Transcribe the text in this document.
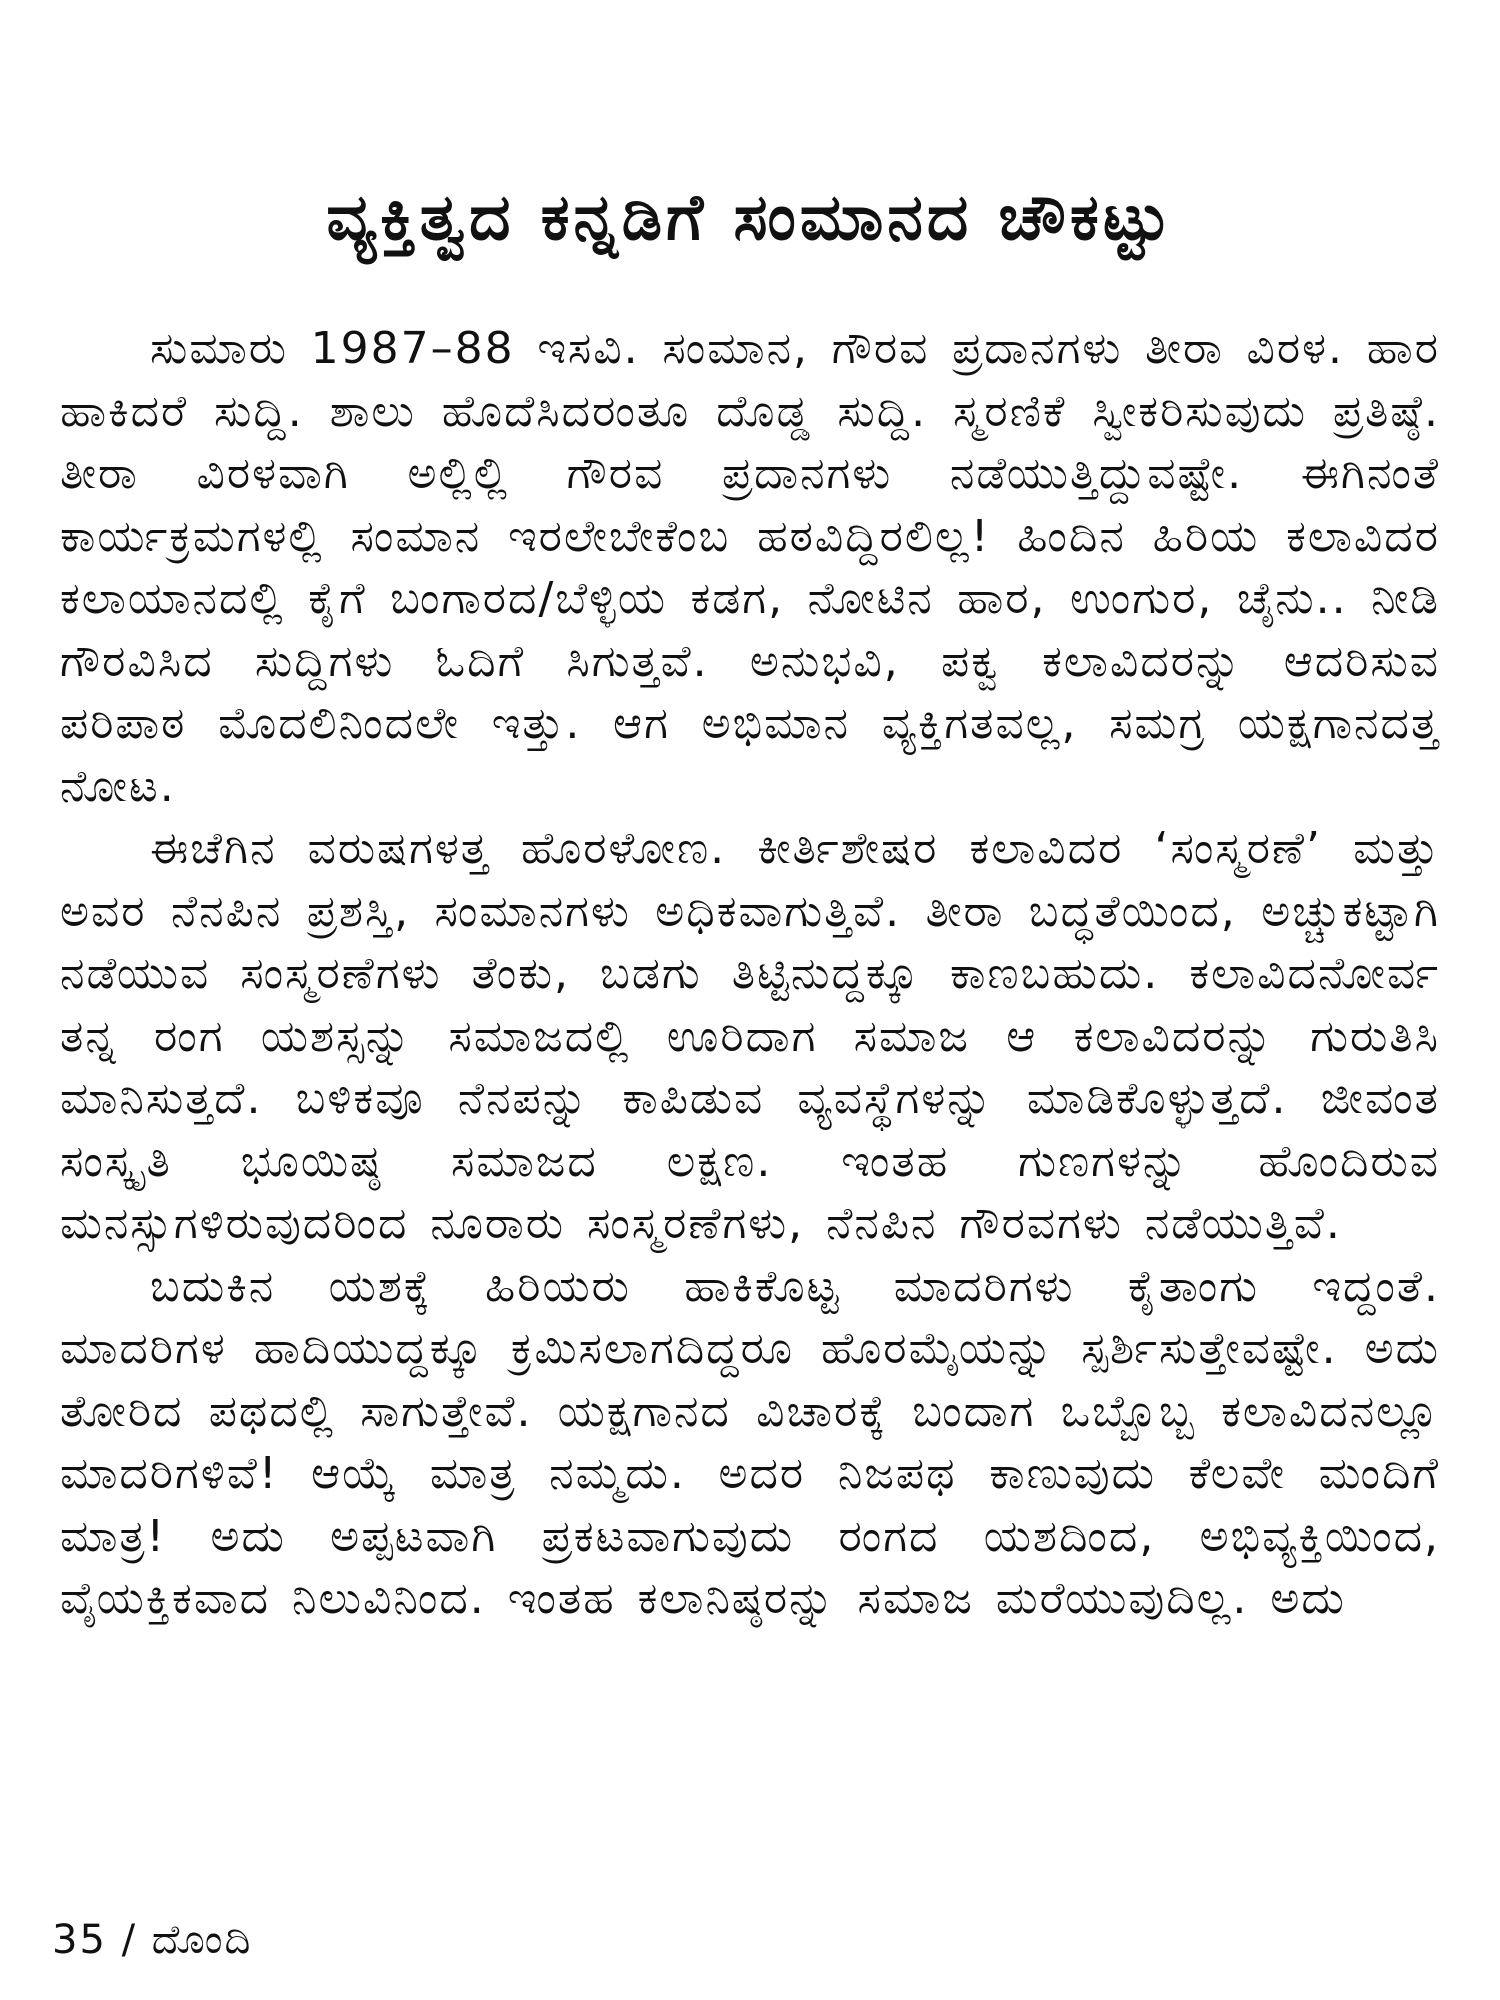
ವ್ಯಕ್ತಿತ್ವದ ಕನ್ನಡಿಗೆ ಸಂಮಾನದ ಚೌಕಟ್ಟು

ಸುಮಾರು 1987–88 ಇಸವಿ. ಸಂಮಾನ, ಗೌರವ ಪ್ರದಾನಗಳು ತೀರಾ ವಿರಳ. ಹಾರ ಹಾಕಿದರೆ ಸುದ್ದಿ. ಶಾಲು ಹೊದೆಸಿದರಂತೂ ದೊಡ್ಡ ಸುದ್ದಿ. ಸ್ಮರಣಿಕೆ ಸ್ವೀಕರಿಸುವುದು ಪ್ರತಿಷ್ಠೆ. ತೀರಾ ವಿರಳವಾಗಿ ಅಲ್ಲಿಲ್ಲಿ ಗೌರವ ಪ್ರದಾನಗಳು ನಡೆಯುತ್ತಿದ್ದುವಷ್ಟೇ. ಈಗಿನಂತೆ ಕಾರ್ಯಕ್ರಮಗಳಲ್ಲಿ ಸಂಮಾನ ಇರಲೇಬೇಕೆಂಬ ಹಠವಿದ್ದಿರಲಿಲ್ಲ! ಹಿಂದಿನ ಹಿರಿಯ ಕಲಾವಿದರ ಕಲಾಯಾನದಲ್ಲಿ ಕೈಗೆ ಬಂಗಾರದ/ಬೆಳ್ಳಿಯ ಕಡಗ, ನೋಟಿನ ಹಾರ, ಉಂಗುರ, ಚೈನು.. ನೀಡಿ ಗೌರವಿಸಿದ ಸುದ್ದಿಗಳು ಓದಿಗೆ ಸಿಗುತ್ತವೆ. ಅನುಭವಿ, ಪಕ್ವ ಕಲಾವಿದರನ್ನು ಆದರಿಸುವ ಪರಿಪಾಠ ಮೊದಲಿನಿಂದಲೇ ಇತ್ತು. ಆಗ ಅಭಿಮಾನ ವ್ಯಕ್ತಿಗತವಲ್ಲ, ಸಮಗ್ರ ಯಕ್ಷಗಾನದತ್ತ ನೋಟ.

ಈಚೆಗಿನ ವರುಷಗಳತ್ತ ಹೊರಳೋಣ. ಕೀರ್ತಿಶೇಷರ ಕಲಾವಿದರ ‘ಸಂಸ್ಮರಣೆ’ ಮತ್ತು ಅವರ ನೆನಪಿನ ಪ್ರಶಸ್ತಿ, ಸಂಮಾನಗಳು ಅಧಿಕವಾಗುತ್ತಿವೆ. ತೀರಾ ಬದ್ಧತೆಯಿಂದ, ಅಚ್ಚುಕಟ್ಟಾಗಿ ನಡೆಯುವ ಸಂಸ್ಮರಣೆಗಳು ತೆಂಕು, ಬಡಗು ತಿಟ್ಟಿನುದ್ದಕ್ಕೂ ಕಾಣಬಹುದು. ಕಲಾವಿದನೋರ್ವ ತನ್ನ ರಂಗ ಯಶಸ್ಸನ್ನು ಸಮಾಜದಲ್ಲಿ ಊರಿದಾಗ ಸಮಾಜ ಆ ಕಲಾವಿದರನ್ನು ಗುರುತಿಸಿ ಮಾನಿಸುತ್ತದೆ. ಬಳಿಕವೂ ನೆನಪನ್ನು ಕಾಪಿಡುವ ವ್ಯವಸ್ಥೆಗಳನ್ನು ಮಾಡಿಕೊಳ್ಳುತ್ತದೆ. ಜೀವಂತ ಸಂಸ್ಕೃತಿ ಭೂಯಿಷ್ಠ ಸಮಾಜದ ಲಕ್ಷಣ. ಇಂತಹ ಗುಣಗಳನ್ನು ಹೊಂದಿರುವ ಮನಸ್ಸುಗಳಿರುವುದರಿಂದ ನೂರಾರು ಸಂಸ್ಮರಣೆಗಳು, ನೆನಪಿನ ಗೌರವಗಳು ನಡೆಯುತ್ತಿವೆ.

ಬದುಕಿನ ಯಶಕ್ಕೆ ಹಿರಿಯರು ಹಾಕಿಕೊಟ್ಟ ಮಾದರಿಗಳು ಕೈತಾಂಗು ಇದ್ದಂತೆ. ಮಾದರಿಗಳ ಹಾದಿಯುದ್ದಕ್ಕೂ ಕ್ರಮಿಸಲಾಗದಿದ್ದರೂ ಹೊರಮೈಯನ್ನು ಸ್ಪರ್ಶಿಸುತ್ತೇವಷ್ಟೇ. ಅದು ತೋರಿದ ಪಥದಲ್ಲಿ ಸಾಗುತ್ತೇವೆ. ಯಕ್ಷಗಾನದ ವಿಚಾರಕ್ಕೆ ಬಂದಾಗ ಒಬ್ಬೊಬ್ಬ ಕಲಾವಿದನಲ್ಲೂ ಮಾದರಿಗಳಿವೆ! ಆಯ್ಕೆ ಮಾತ್ರ ನಮ್ಮದು. ಅದರ ನಿಜಪಥ ಕಾಣುವುದು ಕೆಲವೇ ಮಂದಿಗೆ ಮಾತ್ರ! ಅದು ಅಪ್ಪಟವಾಗಿ ಪ್ರಕಟವಾಗುವುದು ರಂಗದ ಯಶದಿಂದ, ಅಭಿವ್ಯಕ್ತಿಯಿಂದ, ವೈಯಕ್ತಿಕವಾದ ನಿಲುವಿನಿಂದ. ಇಂತಹ ಕಲಾನಿಷ್ಠರನ್ನು ಸಮಾಜ ಮರೆಯುವುದಿಲ್ಲ. ಅದು

35 / ದೊಂದಿ
